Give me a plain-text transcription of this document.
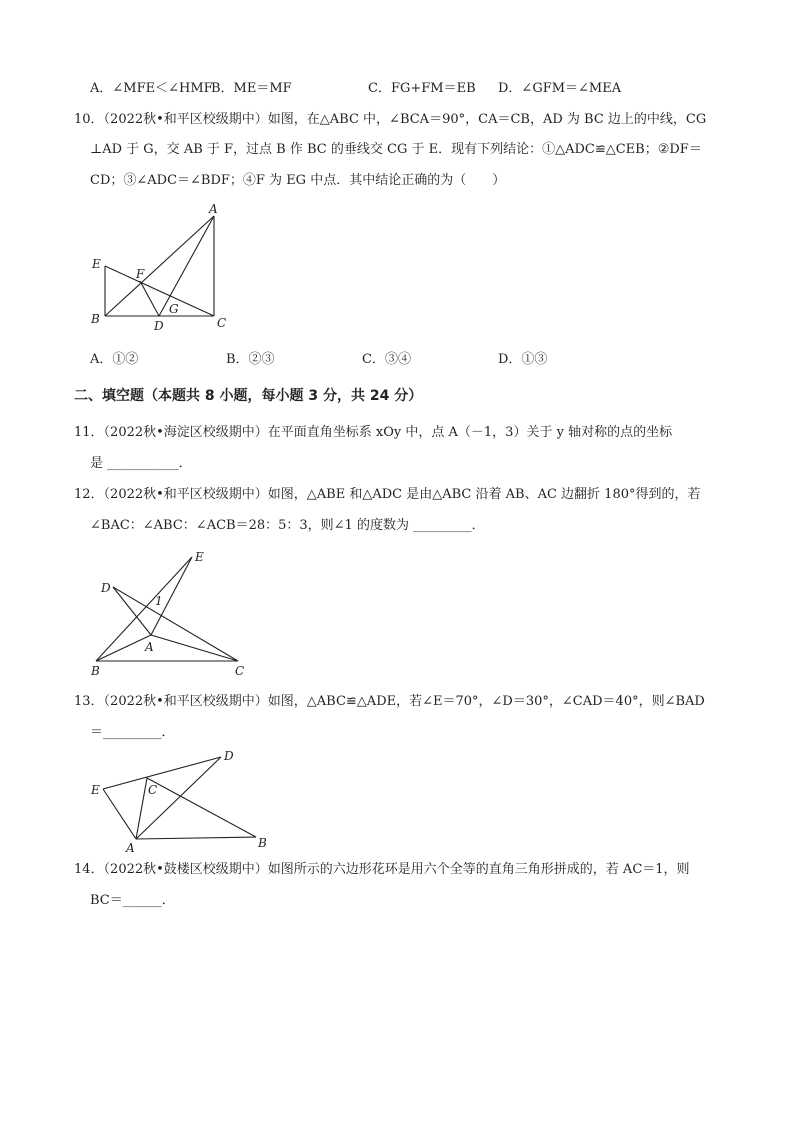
A．∠MFE＜∠HMF
B．ME＝MF	C．FG+FM＝EB D．∠GFM＝∠MEA
10．（2022秋•和平区校级期中）如图，在△ABC 中，∠BCA＝90°，CA＝CB，AD 为 BC 边上的中线，CG
⊥AD 于 G，交 AB 于 F，过点 B 作 BC 的垂线交 CG 于 E．现有下列结论：①△ADC≌△CEB；②DF＝
CD；③∠ADC＝∠BDF；④F 为 EG 中点．其中结论正确的为（　　）
A
E
F
G
B	D	C
A．①②	B．②③	C．③④	D．①③
二、填空题（本题共 8 小题，每小题 3 分，共 24 分）
11．（2022秋•海淀区校级期中）在平面直角坐标系 xOy 中，点 A（－1，3）关于 y 轴对称的点的坐标
是 ___________．
12．（2022秋•和平区校级期中）如图，△ABE 和△ADC 是由△ABC 沿着 AB、AC 边翻折 180°得到的，若
∠BAC：∠ABC：∠ACB＝28：5：3，则∠1 的度数为 _________．
E
D
1
A
B	C
13．（2022秋•和平区校级期中）如图，△ABC≌△ADE，若∠E＝70°，∠D＝30°，∠CAD＝40°，则∠BAD
＝_________．
D
E	C
A	B
14．（2022秋•鼓楼区校级期中）如图所示的六边形花环是用六个全等的直角三角形拼成的，若 AC＝1，则
BC＝______．
